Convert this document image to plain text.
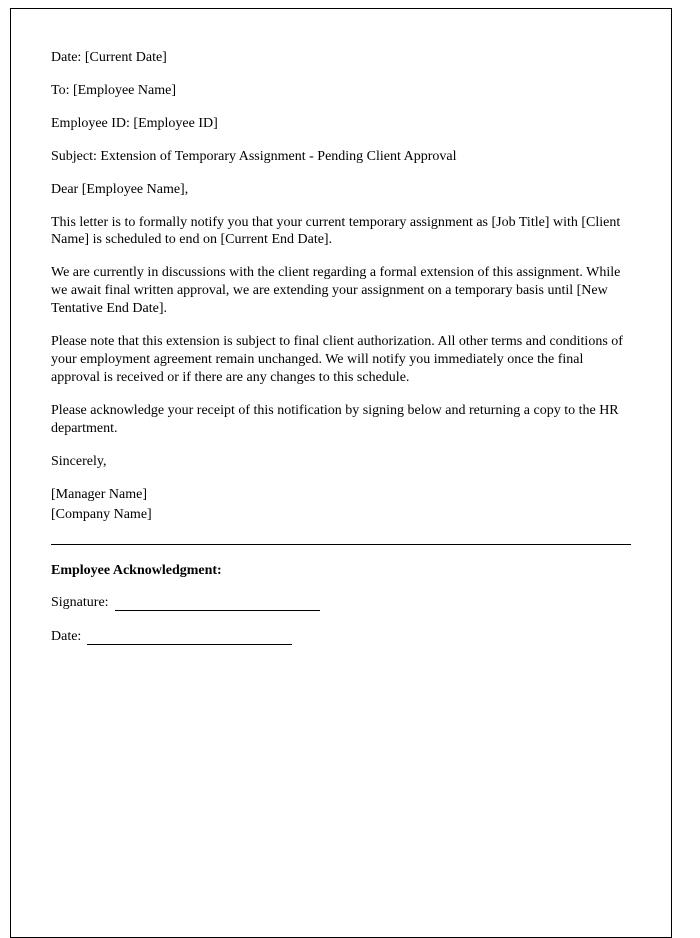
Date: [Current Date]

To: [Employee Name]

Employee ID: [Employee ID]

Subject: Extension of Temporary Assignment - Pending Client Approval

Dear [Employee Name],

This letter is to formally notify you that your current temporary assignment as [Job Title] with [Client Name] is scheduled to end on [Current End Date].

We are currently in discussions with the client regarding a formal extension of this assignment. While we await final written approval, we are extending your assignment on a temporary basis until [New Tentative End Date].

Please note that this extension is subject to final client authorization. All other terms and conditions of your employment agreement remain unchanged. We will notify you immediately once the final approval is received or if there are any changes to this schedule.

Please acknowledge your receipt of this notification by signing below and returning a copy to the HR department.

Sincerely,

[Manager Name]

[Company Name]

Employee Acknowledgment:

Signature:
Date:
